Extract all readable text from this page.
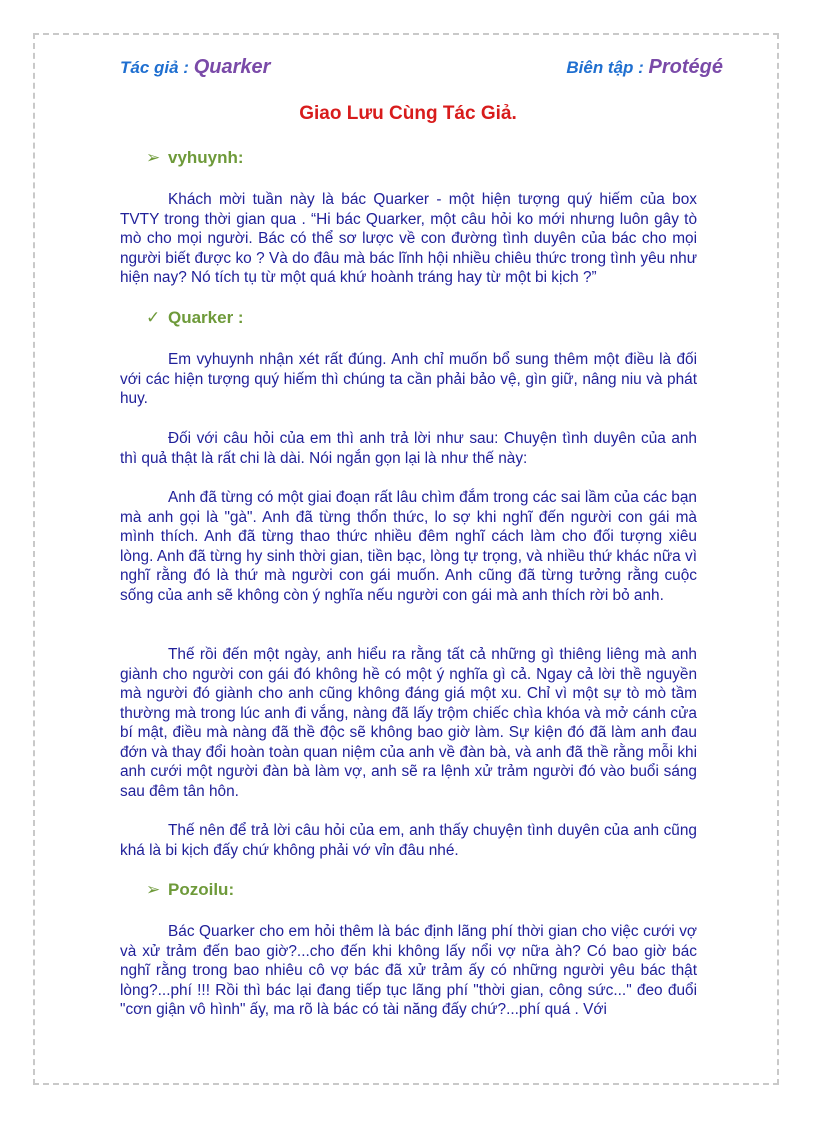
Tác giả : Quarker	Biên tập : Protégé
Giao Lưu Cùng Tác Giả.
➢ vyhuynh:

Khách mời tuần này là bác Quarker - một hiện tượng quý hiếm của box TVTY trong thời gian qua . “Hi bác Quarker, một câu hỏi ko mới nhưng luôn gây tò mò cho mọi người. Bác có thể sơ lược về con đường tình duyên của bác cho mọi người biết được ko ? Và do đâu mà bác lĩnh hội nhiều chiêu thức trong tình yêu như hiện nay? Nó tích tụ từ một quá khứ hoành tráng hay từ một bi kịch ?”

✓ Quarker :

Em vyhuynh nhận xét rất đúng. Anh chỉ muốn bổ sung thêm một điều là đối với các hiện tượng quý hiếm thì chúng ta cần phải bảo vệ, gìn giữ, nâng niu và phát huy.

Đối với câu hỏi của em thì anh trả lời như sau: Chuyện tình duyên của anh thì quả thật là rất chi là dài. Nói ngắn gọn lại là như thế này:

Anh đã từng có một giai đoạn rất lâu chìm đắm trong các sai lầm của các bạn mà anh gọi là "gà". Anh đã từng thổn thức, lo sợ khi nghĩ đến người con gái mà mình thích. Anh đã từng thao thức nhiều đêm nghĩ cách làm cho đối tượng xiêu lòng. Anh đã từng hy sinh thời gian, tiền bạc, lòng tự trọng, và nhiều thứ khác nữa vì nghĩ rằng đó là thứ mà người con gái muốn. Anh cũng đã từng tưởng rằng cuộc sống của anh sẽ không còn ý nghĩa nếu người con gái mà anh thích rời bỏ anh.

Thế rồi đến một ngày, anh hiểu ra rằng tất cả những gì thiêng liêng mà anh giành cho người con gái đó không hề có một ý nghĩa gì cả. Ngay cả lời thề nguyền mà người đó giành cho anh cũng không đáng giá một xu. Chỉ vì một sự tò mò tầm thường mà trong lúc anh đi vắng, nàng đã lấy trộm chiếc chìa khóa và mở cánh cửa bí mật, điều mà nàng đã thề độc sẽ không bao giờ làm. Sự kiện đó đã làm anh đau đớn và thay đổi hoàn toàn quan niệm của anh về đàn bà, và anh đã thề rằng mỗi khi anh cưới một người đàn bà làm vợ, anh sẽ ra lệnh xử trảm người đó vào buổi sáng sau đêm tân hôn.

Thế nên để trả lời câu hỏi của em, anh thấy chuyện tình duyên của anh cũng khá là bi kịch đấy chứ không phải vớ vỉn đâu nhé.

➢ Pozoilu:

Bác Quarker cho em hỏi thêm là bác định lãng phí thời gian cho việc cưới vợ và xử trảm đến bao giờ?...cho đến khi không lấy nổi vợ nữa àh? Có bao giờ bác nghĩ rằng trong bao nhiêu cô vợ bác đã xử trảm ấy có những người yêu bác thật lòng?...phí !!! Rồi thì bác lại đang tiếp tục lãng phí "thời gian, công sức..." đeo đuổi "cơn giận vô hình" ấy, ma rõ là bác có tài năng đấy chứ?...phí quá . Với
